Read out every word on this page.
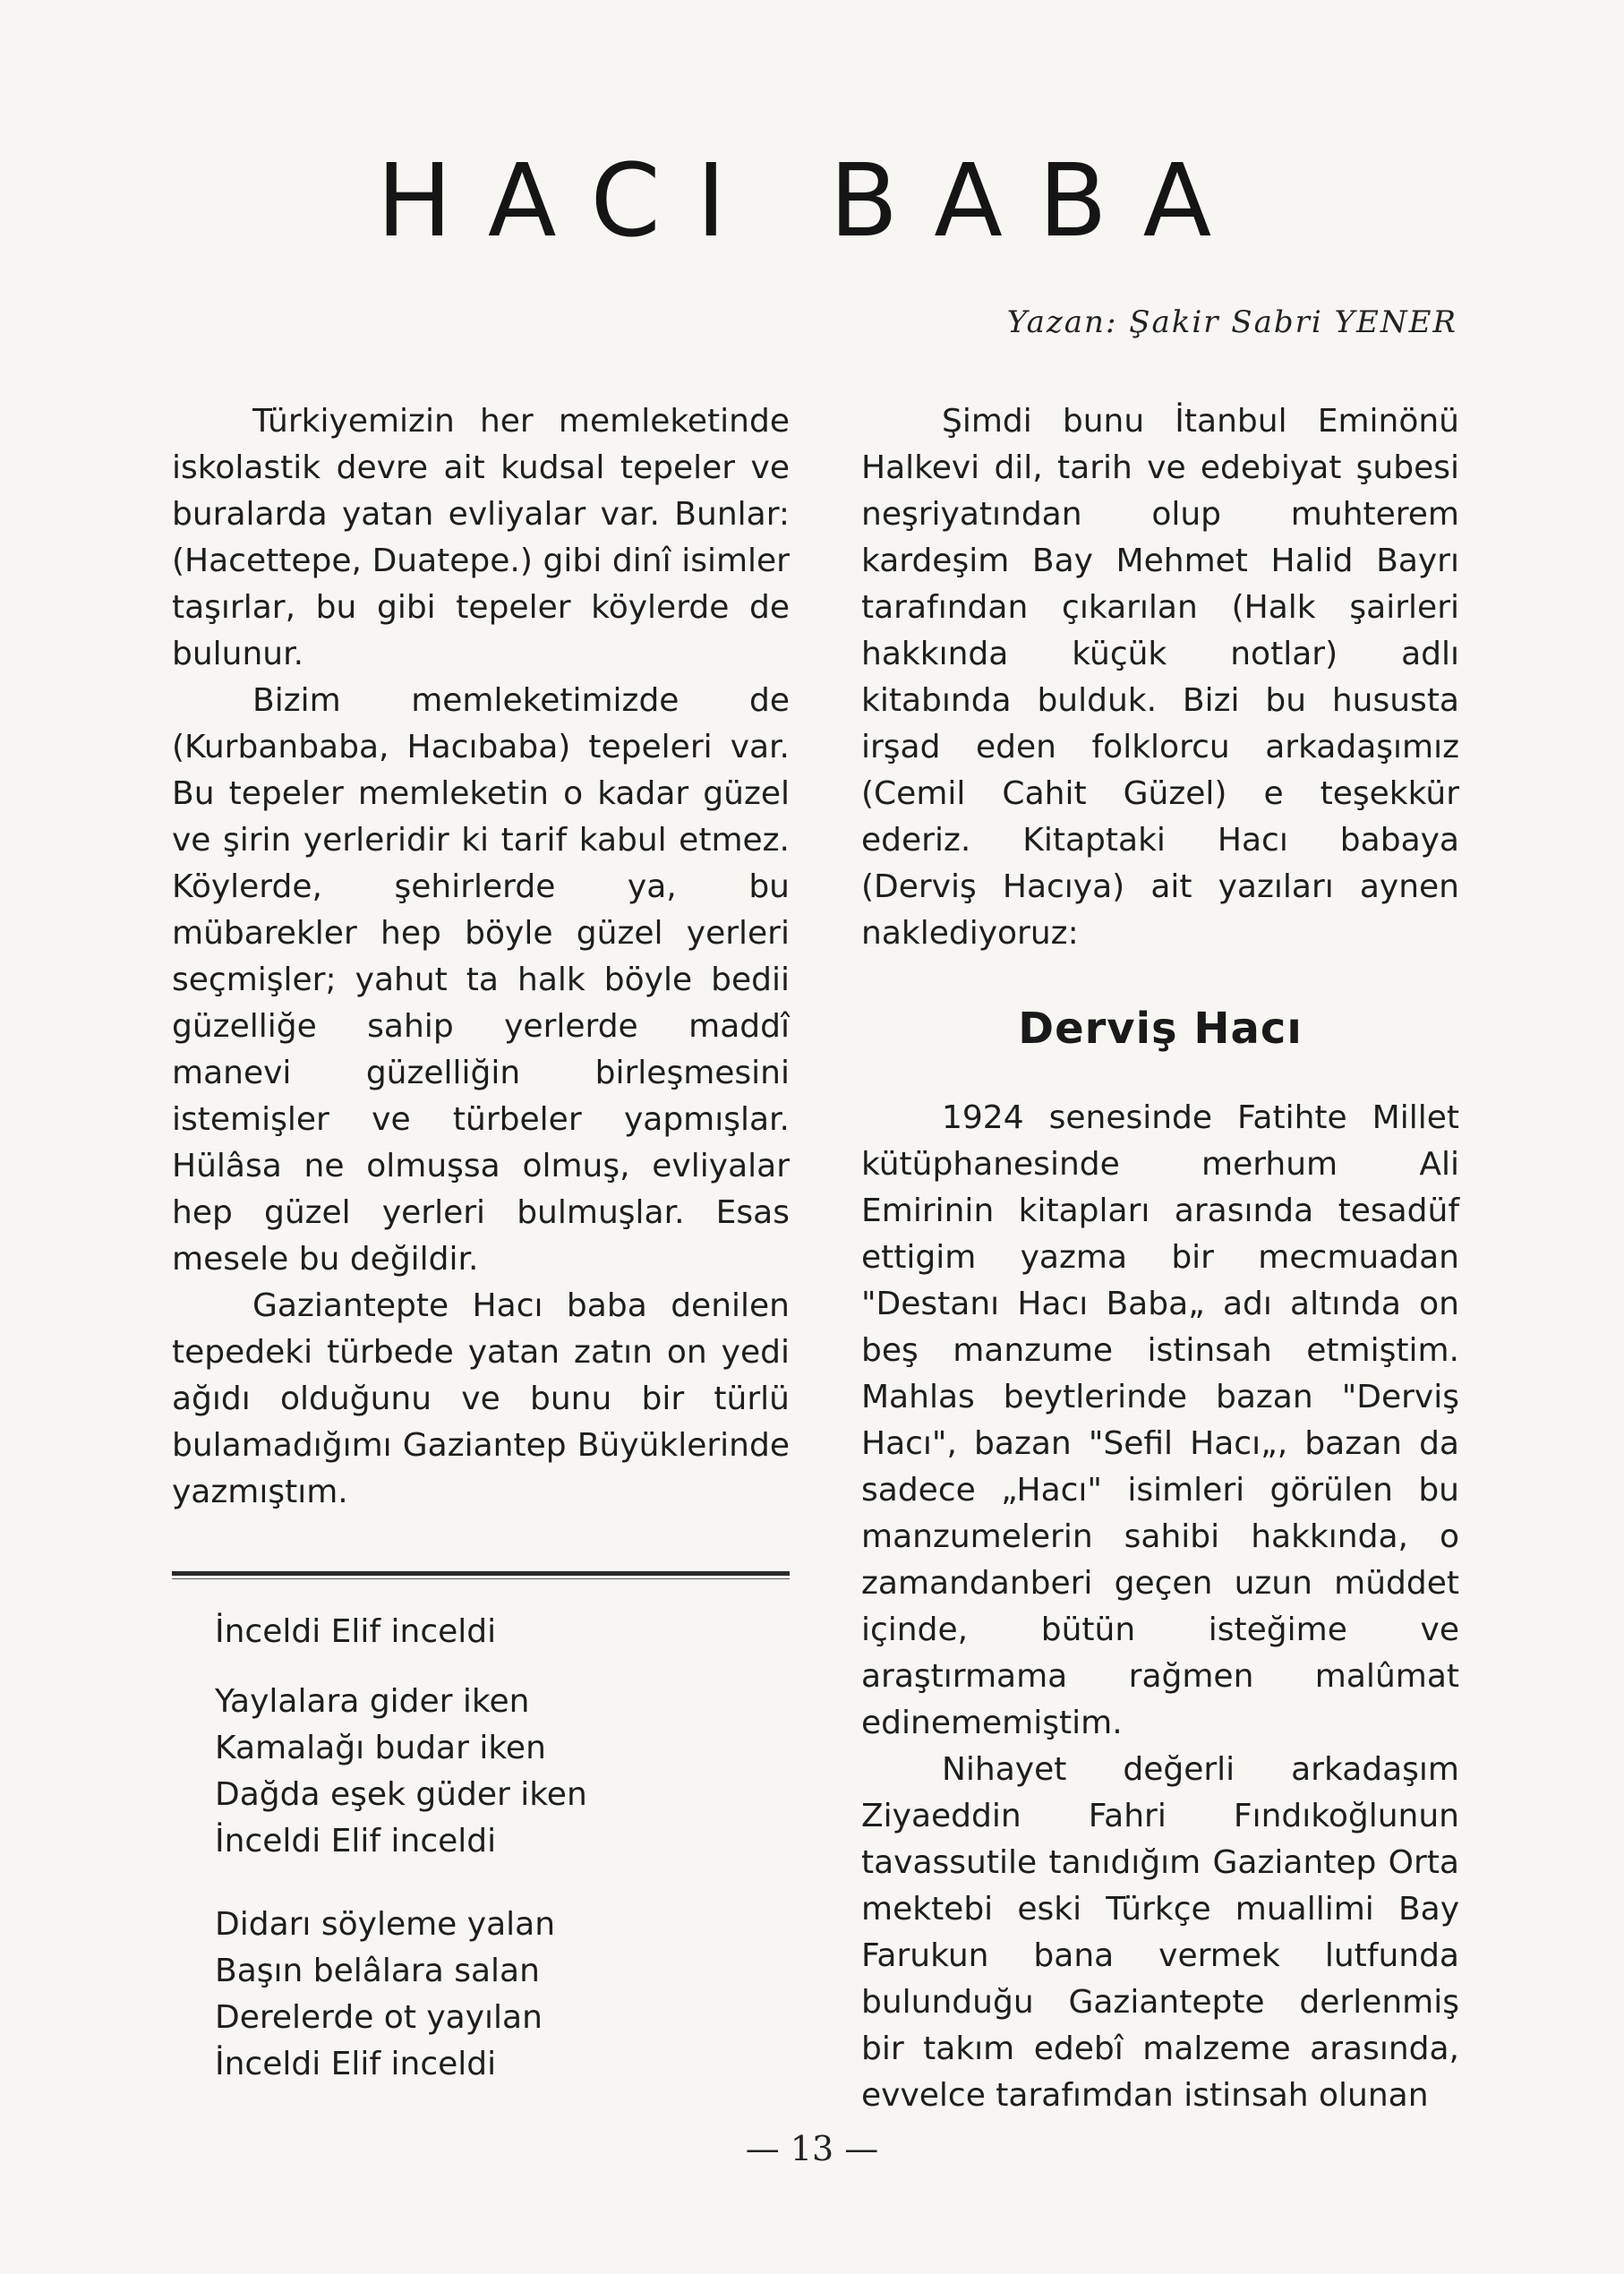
HACI BABA
Yazan: Şakir Sabri YENER

Türkiyemizin her memleketinde iskolastik devre ait kudsal tepeler ve buralarda yatan evliyalar var. Bunlar: (Hacettepe, Duatepe.) gibi dinî isimler taşırlar, bu gibi tepeler köylerde de bulunur.

Bizim memleketimizde de (Kurbanbaba, Hacıbaba) tepeleri var. Bu tepeler memleketin o kadar güzel ve şirin yerleridir ki tarif kabul etmez. Köylerde, şehirlerde ya, bu mübarekler hep böyle güzel yerleri seçmişler; yahut ta halk böyle bedii güzelliğe sahip yerlerde maddî manevi güzelliğin birleşmesini istemişler ve türbeler yapmışlar. Hülâsa ne olmuşsa olmuş, evliyalar hep güzel yerleri bulmuşlar. Esas mesele bu değildir.

Gaziantepte Hacı baba denilen tepedeki türbede yatan zatın on yedi ağıdı olduğunu ve bunu bir türlü bulamadığımı Gaziantep Büyüklerinde yazmıştım.

İnceldi Elif inceldi
Yaylalara gider iken
Kamalağı budar iken
Dağda eşek güder iken
İnceldi Elif inceldi
Didarı söyleme yalan
Başın belâlara salan
Derelerde ot yayılan
İnceldi Elif inceldi

Şimdi bunu İtanbul Eminönü Halkevi dil, tarih ve edebiyat şubesi neşriyatından olup muhterem kardeşim Bay Mehmet Halid Bayrı tarafından çıkarılan (Halk şairleri hakkında küçük notlar) adlı kitabında bulduk. Bizi bu hususta irşad eden folklorcu arkadaşımız (Cemil Cahit Güzel) e teşekkür ederiz. Kitaptaki Hacı babaya (Derviş Hacıya) ait yazıları aynen naklediyoruz:

Derviş Hacı

1924 senesinde Fatihte Millet kütüphanesinde merhum Ali Emirinin kitapları arasında tesadüf ettigim yazma bir mecmuadan "Destanı Hacı Baba„ adı altında on beş manzume istinsah etmiştim. Mahlas beytlerinde bazan "Derviş Hacı", bazan "Sefil Hacı„, bazan da sadece „Hacı" isimleri görülen bu manzumelerin sahibi hakkında, o zamandanberi geçen uzun müddet içinde, bütün isteğime ve araştırmama rağmen malûmat edinememiştim.

Nihayet değerli arkadaşım Ziyaeddin Fahri Fındıkoğlunun tavassutile tanıdığım Gaziantep Orta mektebi eski Türkçe muallimi Bay Farukun bana vermek lutfunda bulunduğu Gaziantepte derlenmiş bir takım edebî malzeme arasında, evvelce tarafımdan istinsah olunan

— 13 —
